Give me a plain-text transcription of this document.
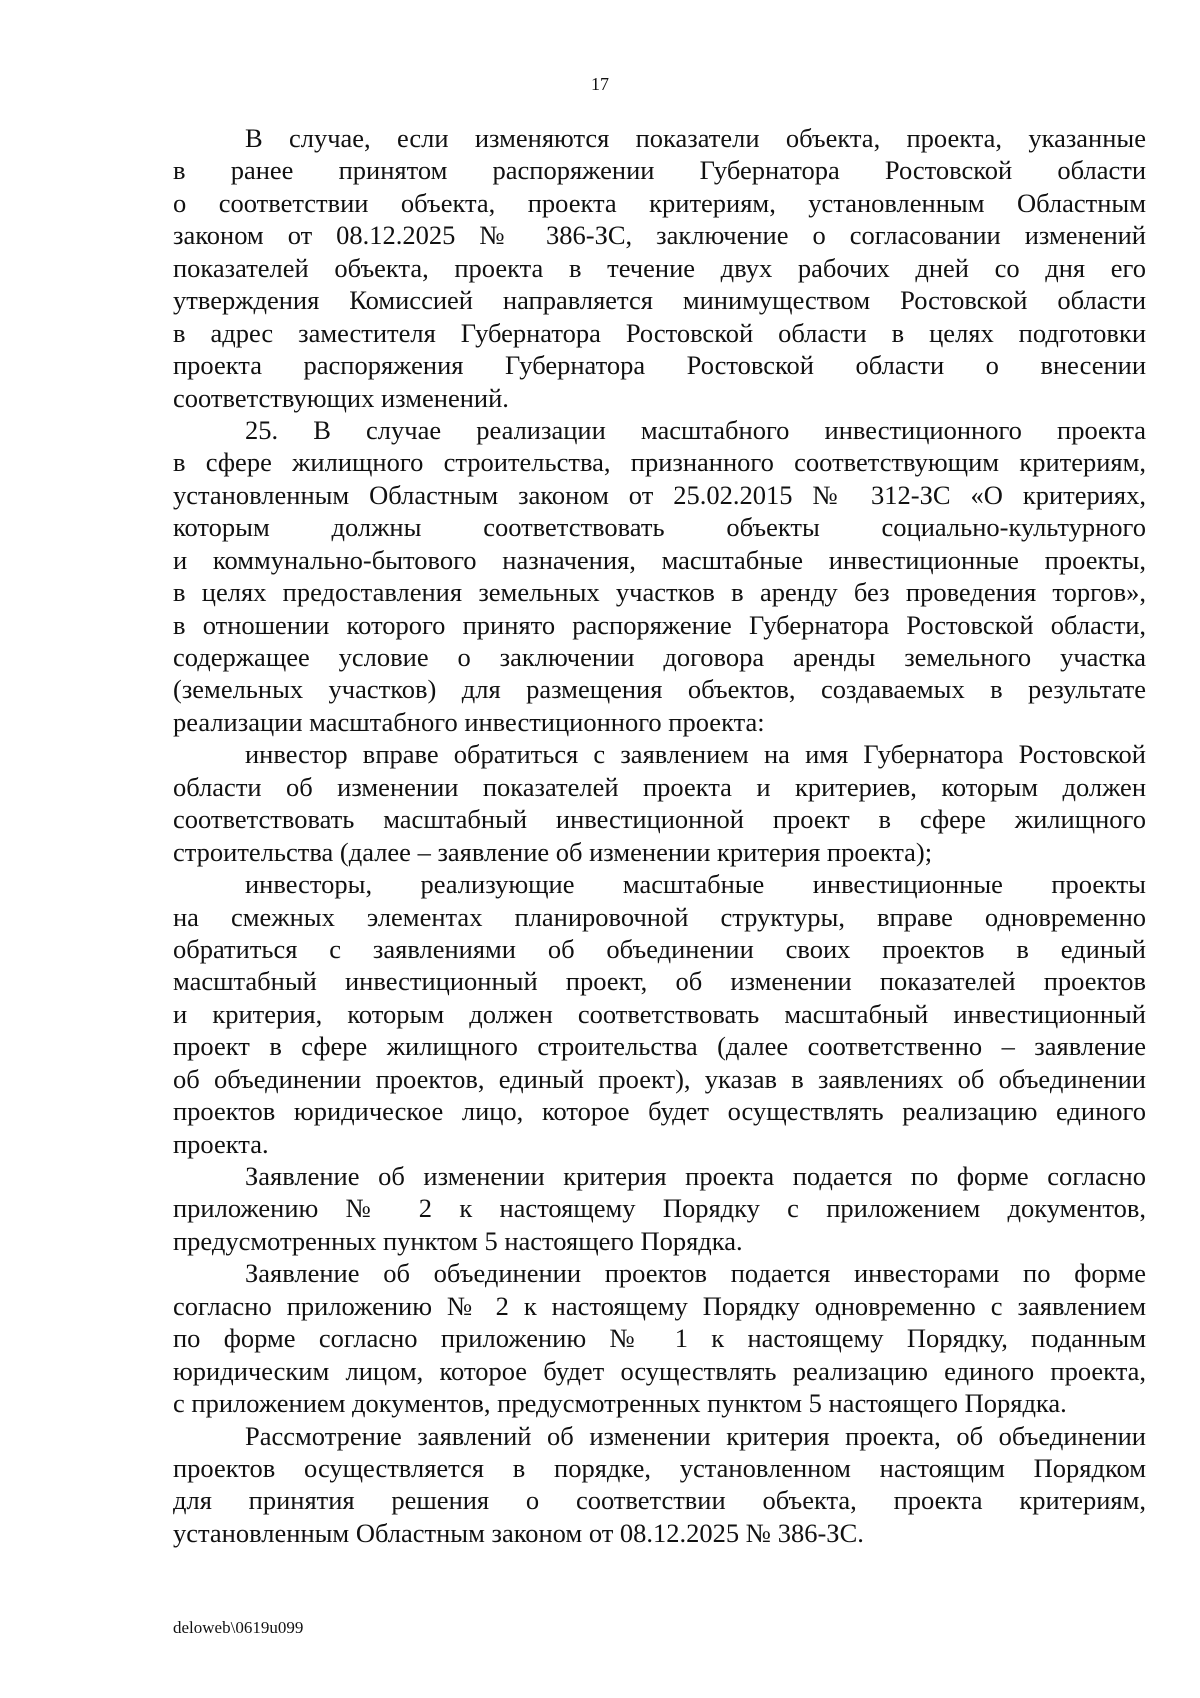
17
В случае, если изменяются показатели объекта, проекта, указанные
в ранее принятом распоряжении Губернатора Ростовской области
о соответствии объекта, проекта критериям, установленным Областным
законом от 08.12.2025 № 386-ЗС, заключение о согласовании изменений
показателей объекта, проекта в течение двух рабочих дней со дня его
утверждения Комиссией направляется минимуществом Ростовской области
в адрес заместителя Губернатора Ростовской области в целях подготовки
проекта распоряжения Губернатора Ростовской области о внесении
соответствующих изменений.
25. В случае реализации масштабного инвестиционного проекта
в сфере жилищного строительства, признанного соответствующим критериям,
установленным Областным законом от 25.02.2015 № 312-ЗС «О критериях,
которым должны соответствовать объекты социально-культурного
и коммунально-бытового назначения, масштабные инвестиционные проекты,
в целях предоставления земельных участков в аренду без проведения торгов»,
в отношении которого принято распоряжение Губернатора Ростовской области,
содержащее условие о заключении договора аренды земельного участка
(земельных участков) для размещения объектов, создаваемых в результате
реализации масштабного инвестиционного проекта:
инвестор вправе обратиться с заявлением на имя Губернатора Ростовской
области об изменении показателей проекта и критериев, которым должен
соответствовать масштабный инвестиционной проект в сфере жилищного
строительства (далее – заявление об изменении критерия проекта);
инвесторы, реализующие масштабные инвестиционные проекты
на смежных элементах планировочной структуры, вправе одновременно
обратиться с заявлениями об объединении своих проектов в единый
масштабный инвестиционный проект, об изменении показателей проектов
и критерия, которым должен соответствовать масштабный инвестиционный
проект в сфере жилищного строительства (далее соответственно – заявление
об объединении проектов, единый проект), указав в заявлениях об объединении
проектов юридическое лицо, которое будет осуществлять реализацию единого
проекта.
Заявление об изменении критерия проекта подается по форме согласно
приложению № 2 к настоящему Порядку с приложением документов,
предусмотренных пунктом 5 настоящего Порядка.
Заявление об объединении проектов подается инвесторами по форме
согласно приложению № 2 к настоящему Порядку одновременно с заявлением
по форме согласно приложению № 1 к настоящему Порядку, поданным
юридическим лицом, которое будет осуществлять реализацию единого проекта,
с приложением документов, предусмотренных пунктом 5 настоящего Порядка.
Рассмотрение заявлений об изменении критерия проекта, об объединении
проектов осуществляется в порядке, установленном настоящим Порядком
для принятия решения о соответствии объекта, проекта критериям,
установленным Областным законом от 08.12.2025 № 386-ЗС.
deloweb\0619u099
